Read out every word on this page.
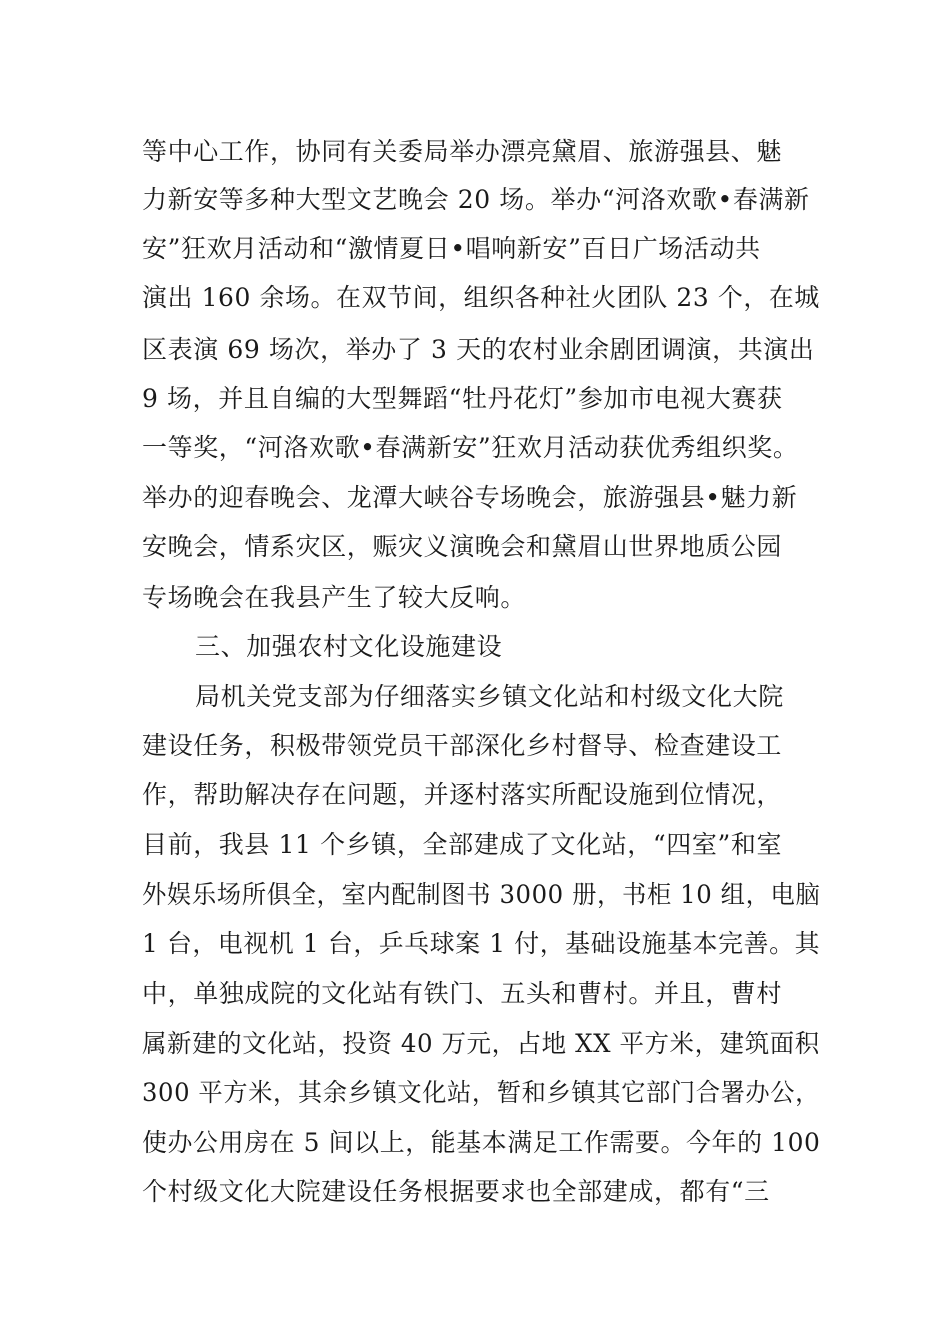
等中心工作，协同有关委局举办漂亮黛眉、旅游强县、魅
力新安等多种大型文艺晚会 20 场。举办“河洛欢歌•春满新
安”狂欢月活动和“激情夏日•唱响新安”百日广场活动共
演出 160 余场。在双节间，组织各种社火团队 23 个，在城
区表演 69 场次，举办了 3 天的农村业余剧团调演，共演出
9 场，并且自编的大型舞蹈“牡丹花灯”参加市电视大赛获
一等奖，“河洛欢歌•春满新安”狂欢月活动获优秀组织奖。
举办的迎春晚会、龙潭大峡谷专场晚会，旅游强县•魅力新
安晚会，情系灾区，赈灾义演晚会和黛眉山世界地质公园
专场晚会在我县产生了较大反响。
三、加强农村文化设施建设
局机关党支部为仔细落实乡镇文化站和村级文化大院
建设任务，积极带领党员干部深化乡村督导、检查建设工
作，帮助解决存在问题，并逐村落实所配设施到位情况，
目前，我县 11 个乡镇，全部建成了文化站，“四室”和室
外娱乐场所俱全，室内配制图书 3000 册，书柜 10 组，电脑
1 台，电视机 1 台，乒乓球案 1 付，基础设施基本完善。其
中，单独成院的文化站有铁门、五头和曹村。并且，曹村
属新建的文化站，投资 40 万元，占地 XX 平方米，建筑面积
300 平方米，其余乡镇文化站，暂和乡镇其它部门合署办公，
使办公用房在 5 间以上，能基本满足工作需要。今年的 100
个村级文化大院建设任务根据要求也全部建成，都有“三
